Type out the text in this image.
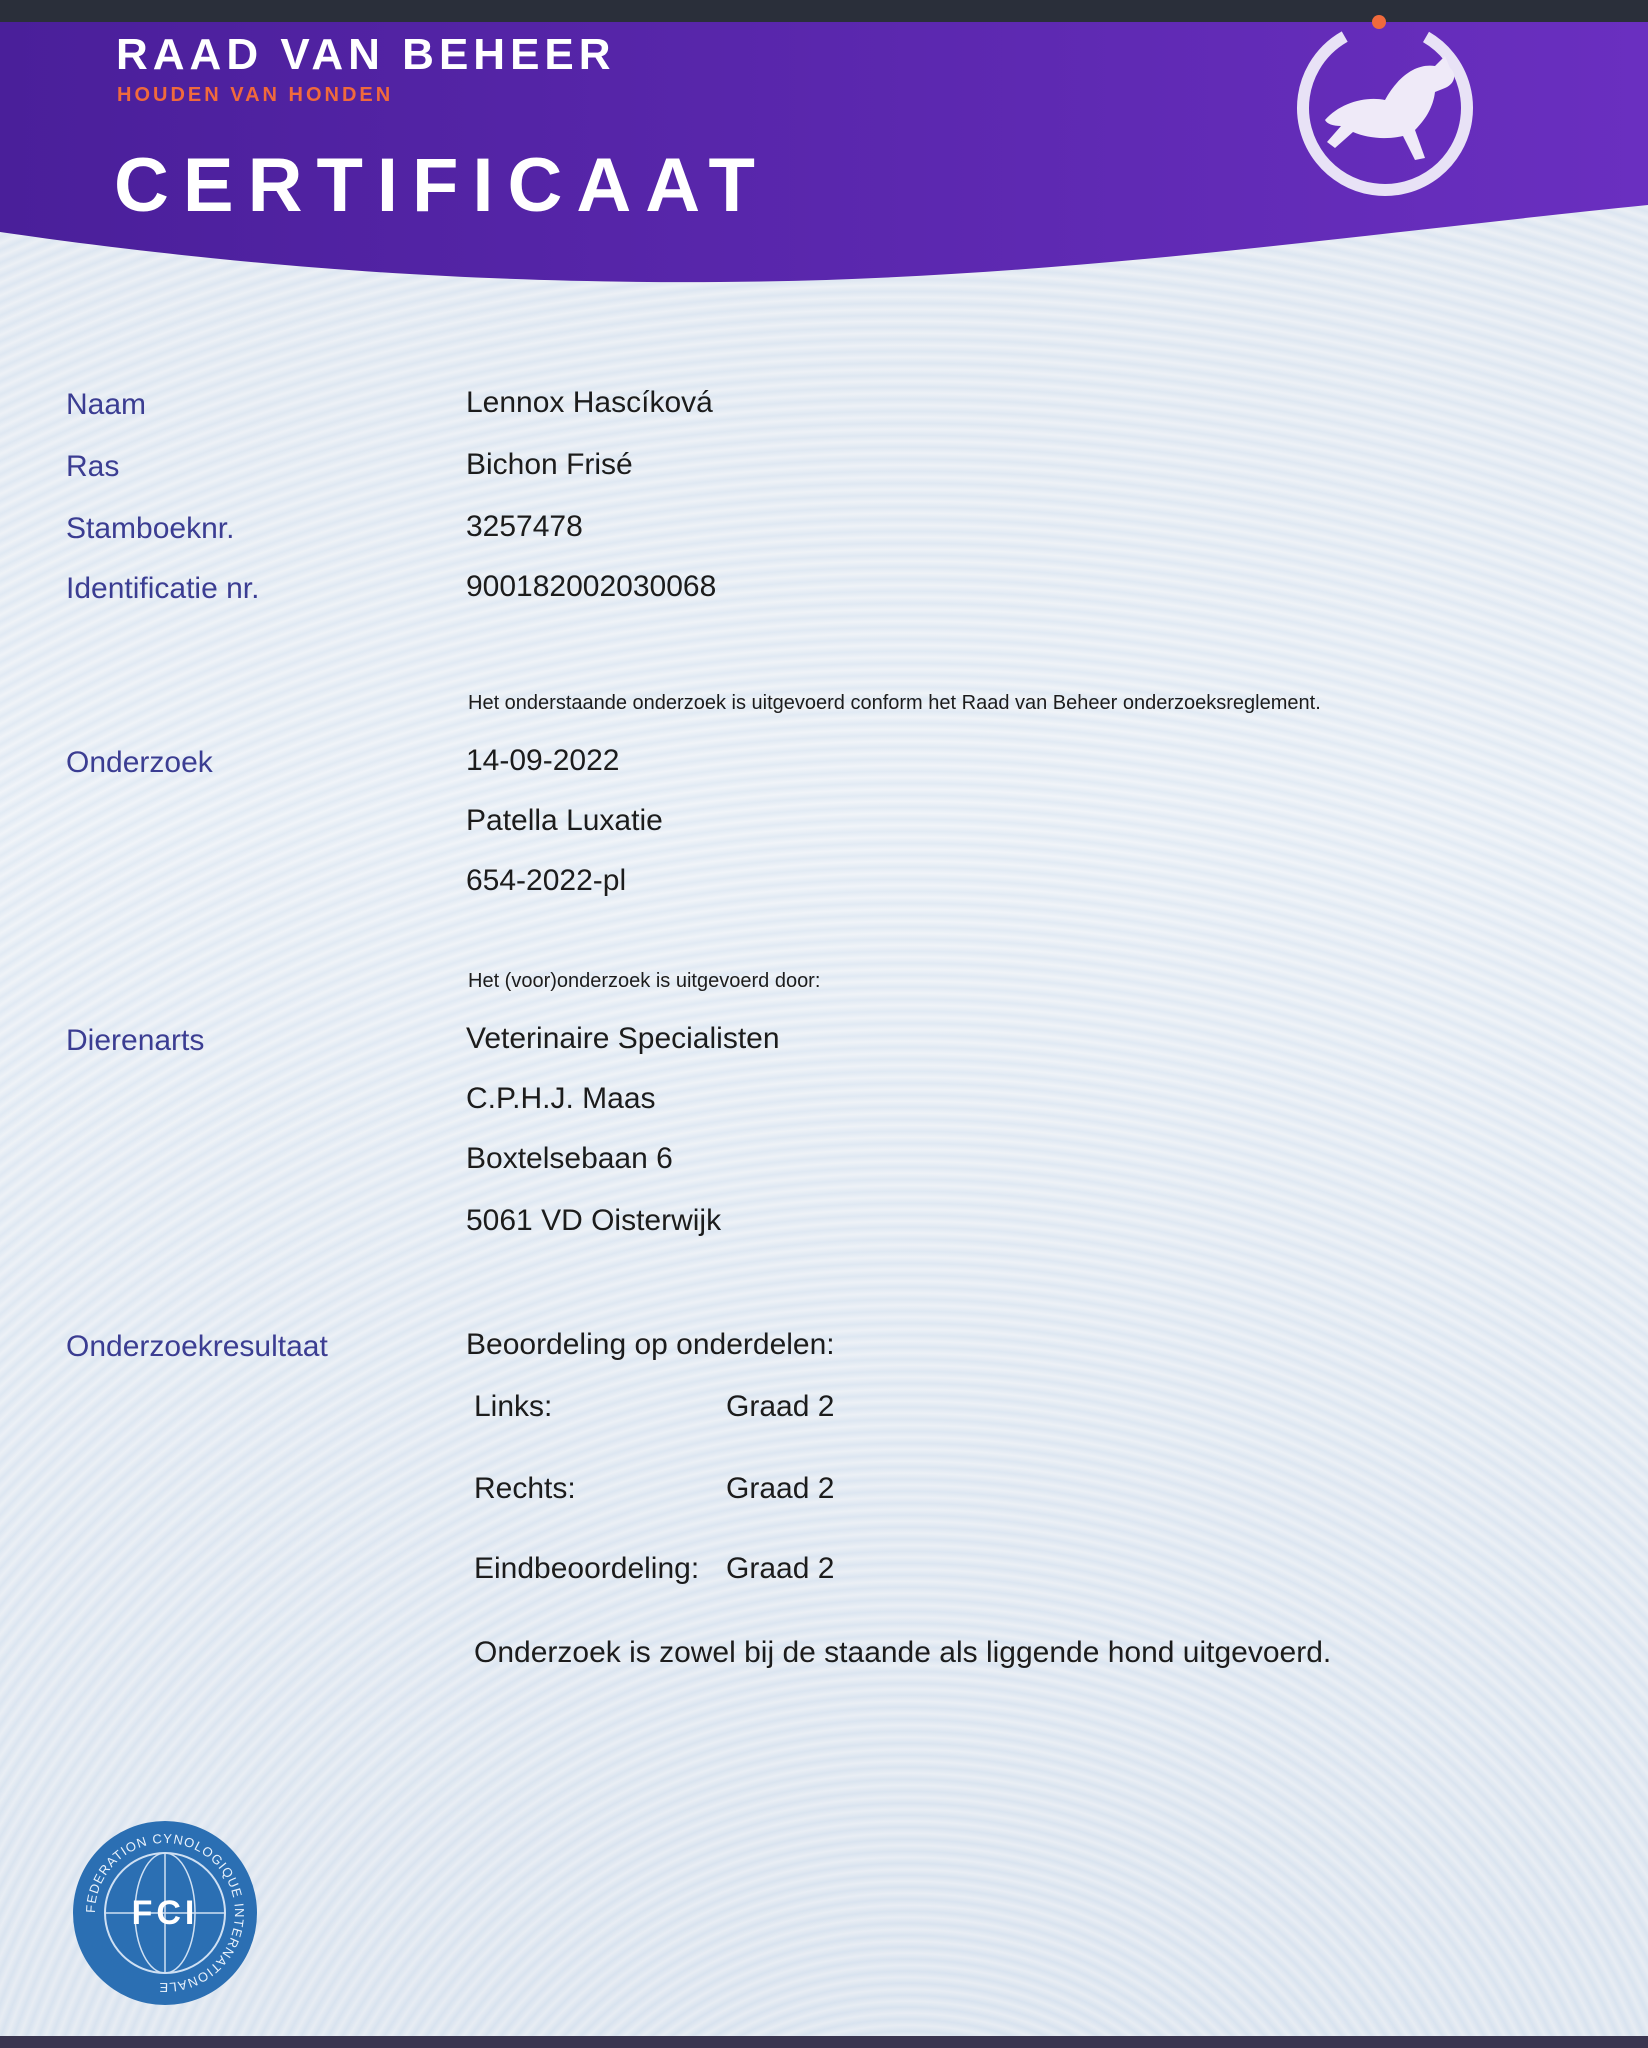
RAAD VAN BEHEER

HOUDEN VAN HONDEN

CERTIFICAAT

Naam	Lennox Hascíková

Ras	Bichon Frisé

Stamboeknr.	3257478

Identificatie nr.	900182002030068

Het onderstaande onderzoek is uitgevoerd conform het Raad van Beheer onderzoeksreglement.

Onderzoek	14-09-2022

Patella Luxatie

654-2022-pl

Het (voor)onderzoek is uitgevoerd door:

Dierenarts	Veterinaire Specialisten

C.P.H.J. Maas

Boxtelsebaan 6

5061 VD Oisterwijk

Onderzoekresultaat	Beoordeling op onderdelen:

Links:	Graad 2

Rechts:	Graad 2

Eindbeoordeling: Graad 2

Onderzoek is zowel bij de staande als liggende hond uitgevoerd.

FEDERATION CYNOLOGIQUE INTERNATIONALE
FCI
